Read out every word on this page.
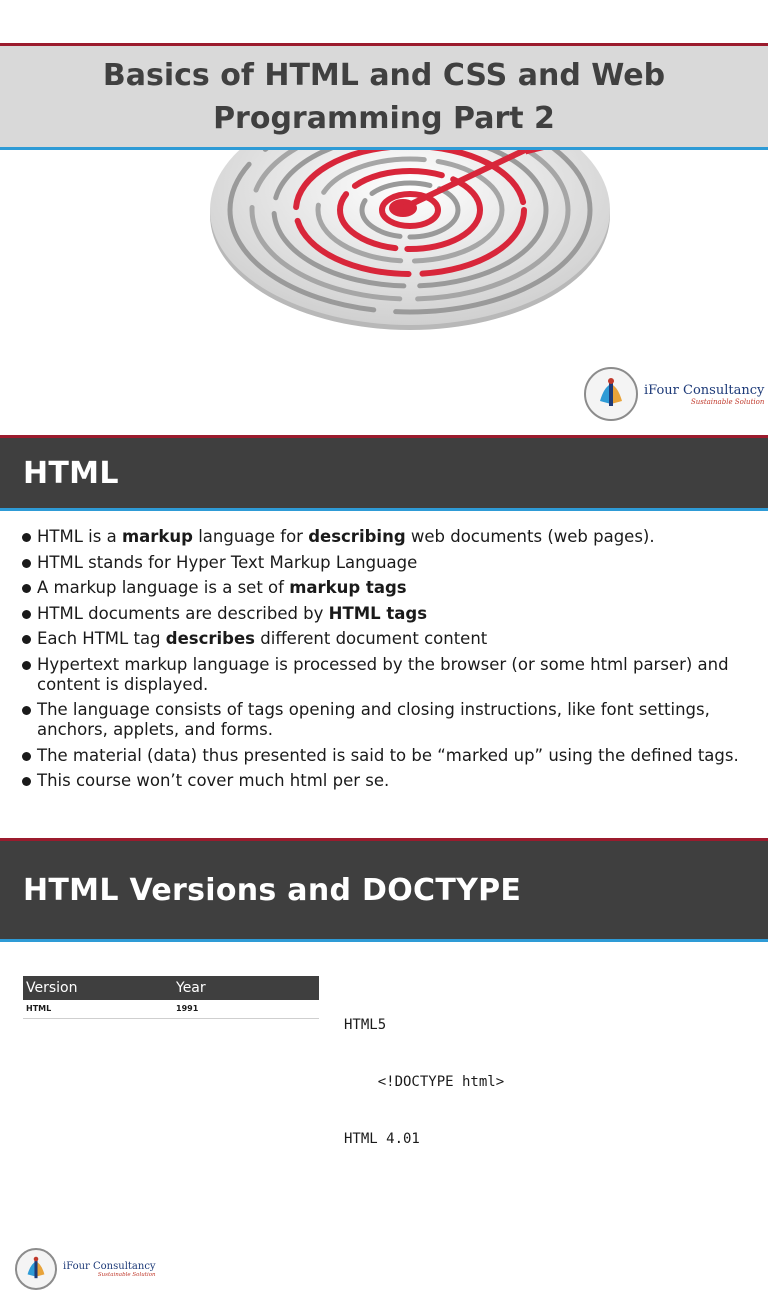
Basics of HTML and CSS and Web
Programming Part 2
iFour Consultancy
Sustainable Solution
HTML
HTML is a markup language for describing web documents (web pages).
HTML stands for Hyper Text Markup Language
A markup language is a set of markup tags
HTML documents are described by HTML tags
Each HTML tag describes different document content
Hypertext markup language is processed by the browser (or some html parser) and content is displayed.
The language consists of tags opening and closing instructions, like font settings, anchors, applets, and forms.
The material (data) thus presented is said to be “marked up” using the defined tags.
This course won’t cover much html per se.
iFour Consultancy
Sustainable Solution
HTML Versions and DOCTYPE
Version	Year
HTML	1991

HTML5

<!DOCTYPE html>

HTML 4.01
